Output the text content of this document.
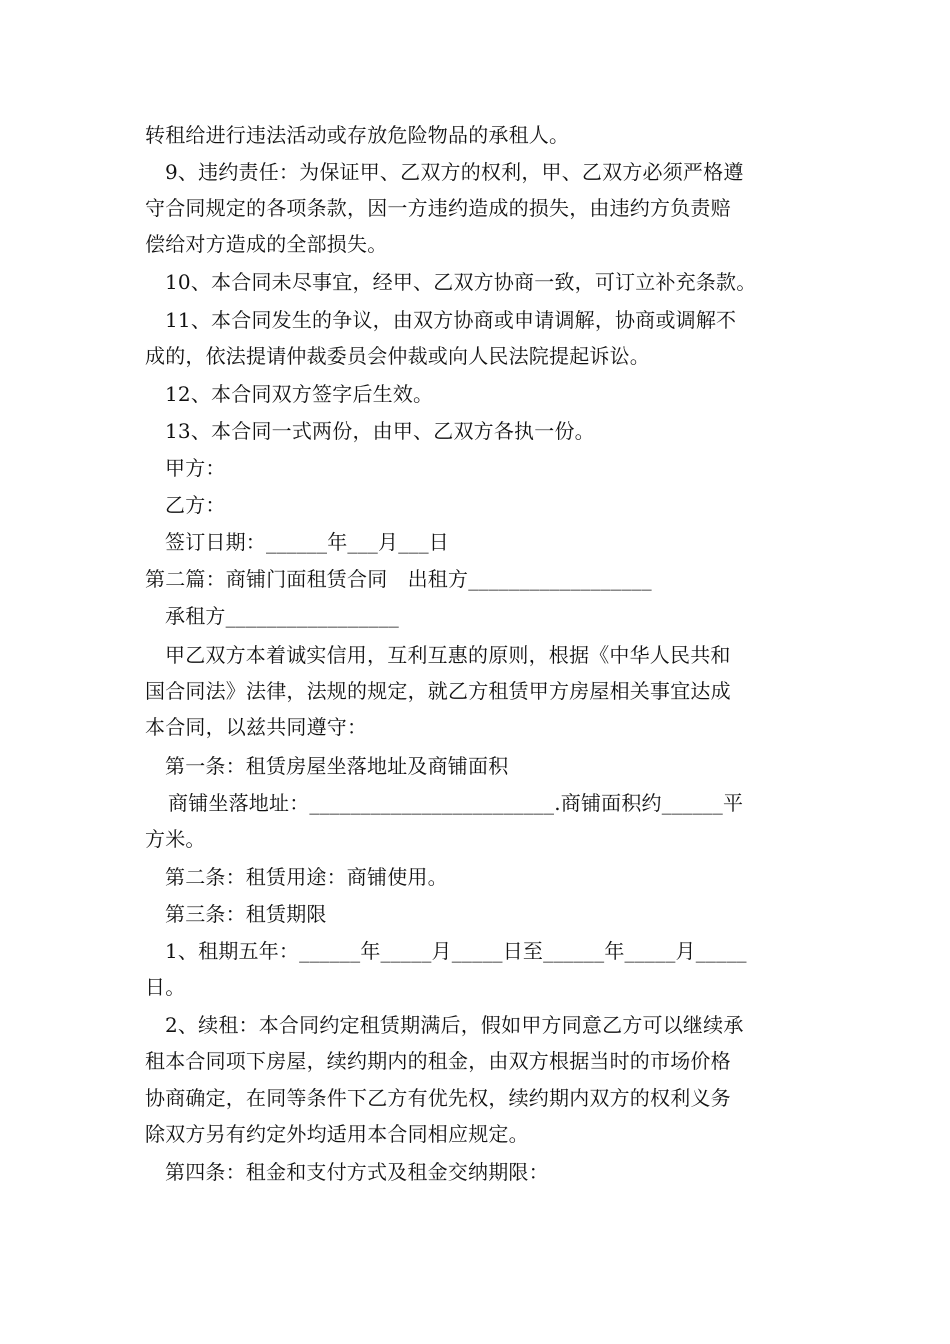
转租给进行违法活动或存放危险物品的承租人。

9、违约责任：为保证甲、乙双方的权利，甲、乙双方必须严格遵

守合同规定的各项条款，因一方违约造成的损失，由违约方负责赔

偿给对方造成的全部损失。

10、本合同未尽事宜，经甲、乙双方协商一致，可订立补充条款。

11、本合同发生的争议，由双方协商或申请调解，协商或调解不

成的，依法提请仲裁委员会仲裁或向人民法院提起诉讼。

12、本合同双方签字后生效。

13、本合同一式两份，由甲、乙双方各执一份。

甲方：

乙方：

签订日期：______年___月___日

第二篇：商铺门面租赁合同　出租方__________________

承租方_________________

甲乙双方本着诚实信用，互利互惠的原则，根据《中华人民共和

国合同法》法律，法规的规定，就乙方租赁甲方房屋相关事宜达成

本合同，以兹共同遵守：

第一条：租赁房屋坐落地址及商铺面积

商铺坐落地址：________________________.商铺面积约______平

方米。

第二条：租赁用途：商铺使用。

第三条：租赁期限

1、租期五年：______年_____月_____日至______年_____月_____

日。

2、续租：本合同约定租赁期满后，假如甲方同意乙方可以继续承

租本合同项下房屋，续约期内的租金，由双方根据当时的市场价格

协商确定，在同等条件下乙方有优先权，续约期内双方的权利义务

除双方另有约定外均适用本合同相应规定。

第四条：租金和支付方式及租金交纳期限：
